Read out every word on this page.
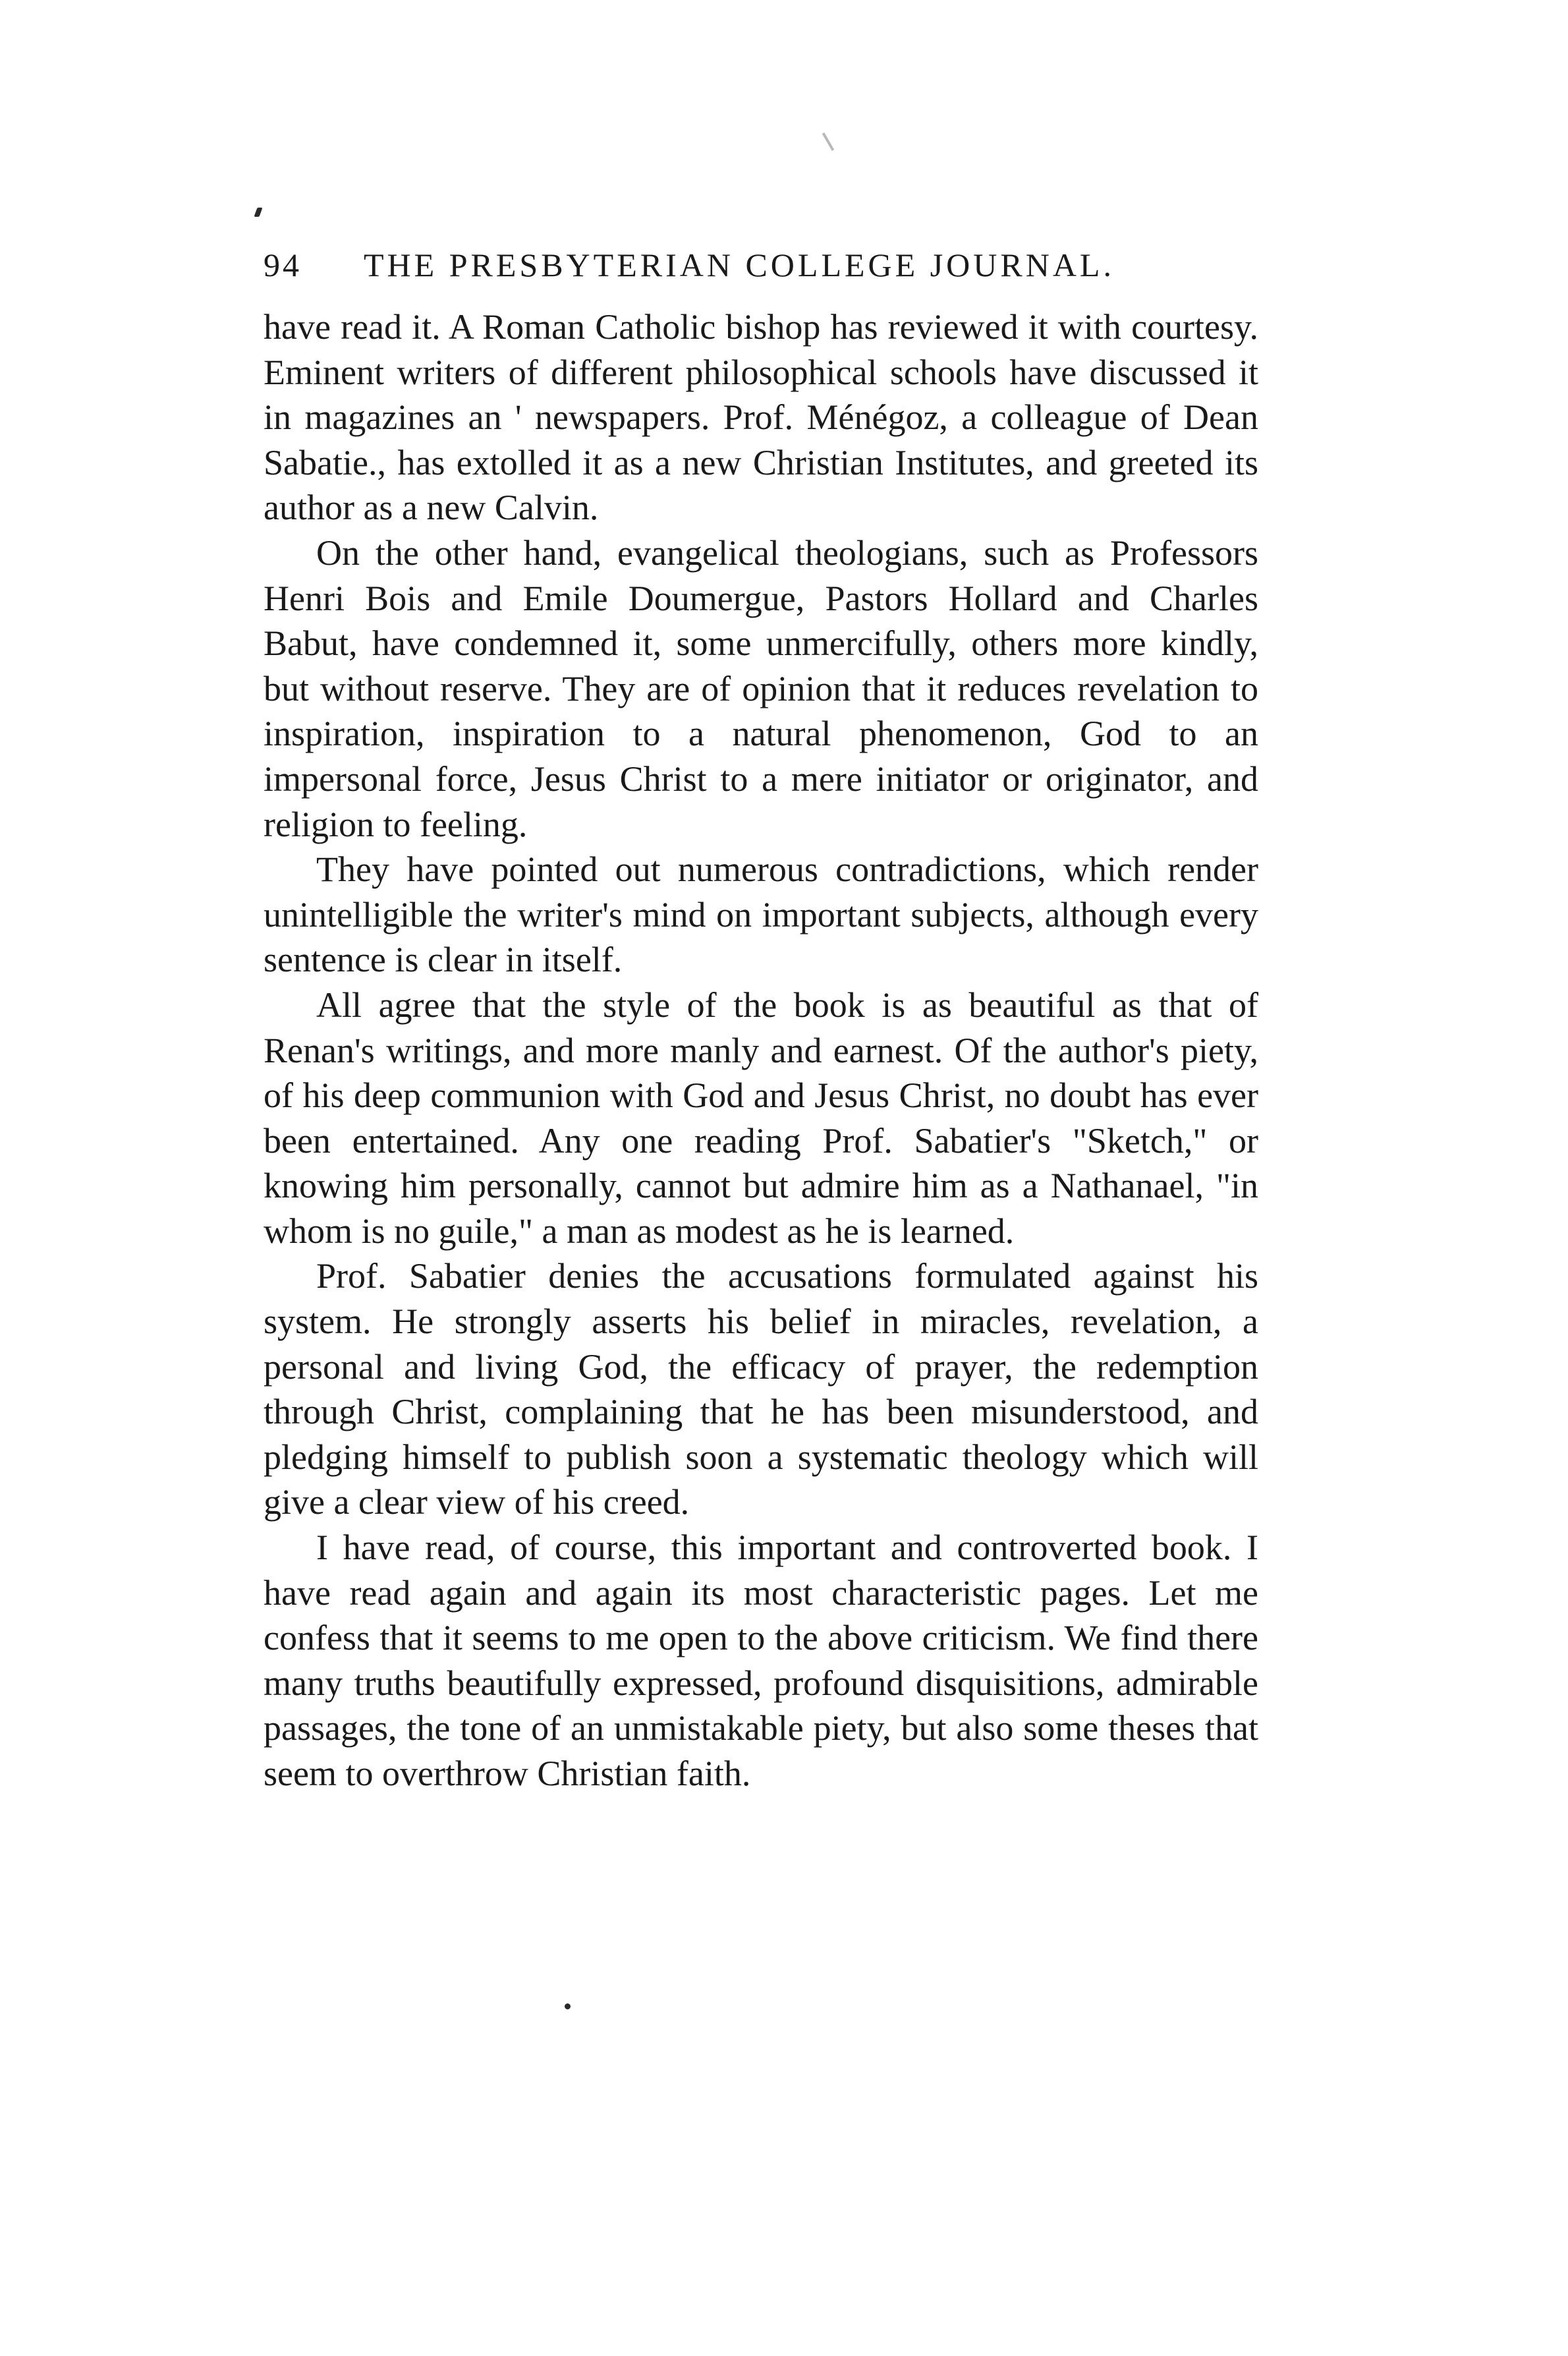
94 THE PRESBYTERIAN COLLEGE JOURNAL.

have read it. A Roman Catholic bishop has reviewed it with courtesy. Eminent writers of different philosophical schools have discussed it in magazines an ' newspapers. Prof. Ménégoz, a colleague of Dean Sabatie., has extolled it as a new Christian Institutes, and greeted its author as a new Calvin.

On the other hand, evangelical theologians, such as Professors Henri Bois and Emile Doumergue, Pastors Hollard and Charles Babut, have condemned it, some unmercifully, others more kindly, but without reserve. They are of opinion that it reduces revelation to inspiration, inspiration to a natural phenomenon, God to an impersonal force, Jesus Christ to a mere initiator or originator, and religion to feeling.

They have pointed out numerous contradictions, which render unintelligible the writer's mind on important subjects, although every sentence is clear in itself.

All agree that the style of the book is as beautiful as that of Renan's writings, and more manly and earnest. Of the author's piety, of his deep communion with God and Jesus Christ, no doubt has ever been entertained. Any one reading Prof. Sabatier's "Sketch," or knowing him personally, cannot but admire him as a Nathanael, "in whom is no guile," a man as modest as he is learned.

Prof. Sabatier denies the accusations formulated against his system. He strongly asserts his belief in miracles, revelation, a personal and living God, the efficacy of prayer, the redemption through Christ, complaining that he has been misunderstood, and pledging himself to publish soon a systematic theology which will give a clear view of his creed.

I have read, of course, this important and controverted book. I have read again and again its most characteristic pages. Let me confess that it seems to me open to the above criticism. We find there many truths beautifully expressed, profound disquisitions, admirable passages, the tone of an unmistakable piety, but also some theses that seem to overthrow Christian faith.
